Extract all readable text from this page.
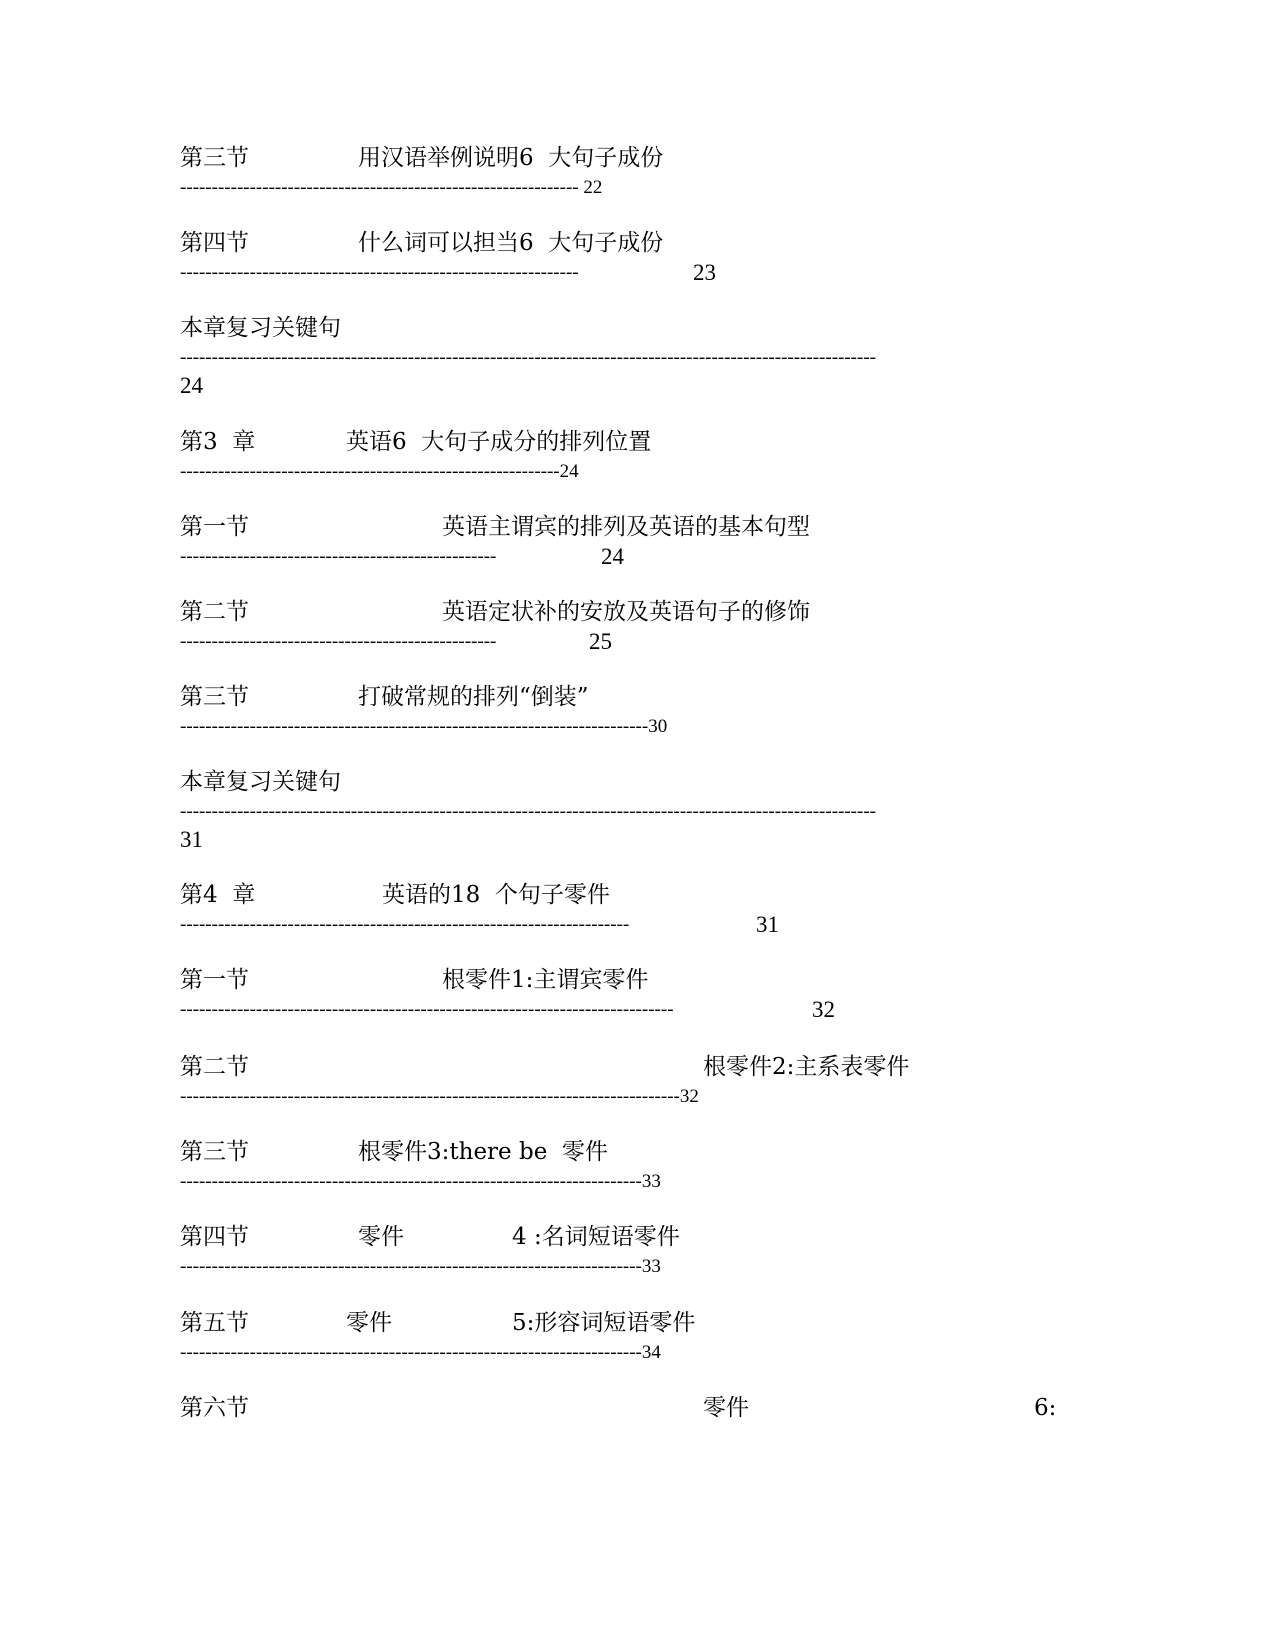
第三节	用汉语举例说明6  大句子成份
--------------------------------------------------------------- 22
第四节	什么词可以担当6  大句子成份
---------------------------------------------------------------	23
本章复习关键句
--------------------------------------------------------------------------------------------------------------
24
第3  章	英语6  大句子成分的排列位置
------------------------------------------------------------24
第一节	英语主谓宾的排列及英语的基本句型
--------------------------------------------------	24
第二节	英语定状补的安放及英语句子的修饰
--------------------------------------------------	25
第三节	打破常规的排列“倒装”
--------------------------------------------------------------------------30
本章复习关键句
--------------------------------------------------------------------------------------------------------------
31
第4  章	英语的18  个句子零件
-----------------------------------------------------------------------	31
第一节	根零件1:主谓宾零件
------------------------------------------------------------------------------	32
第二节	根零件2:主系表零件
-------------------------------------------------------------------------------32
第三节	根零件3:there be  零件
-------------------------------------------------------------------------33
第四节	零件	4 :名词短语零件
-------------------------------------------------------------------------33
第五节	零件	5:形容词短语零件
-------------------------------------------------------------------------34
第六节	零件	6:
